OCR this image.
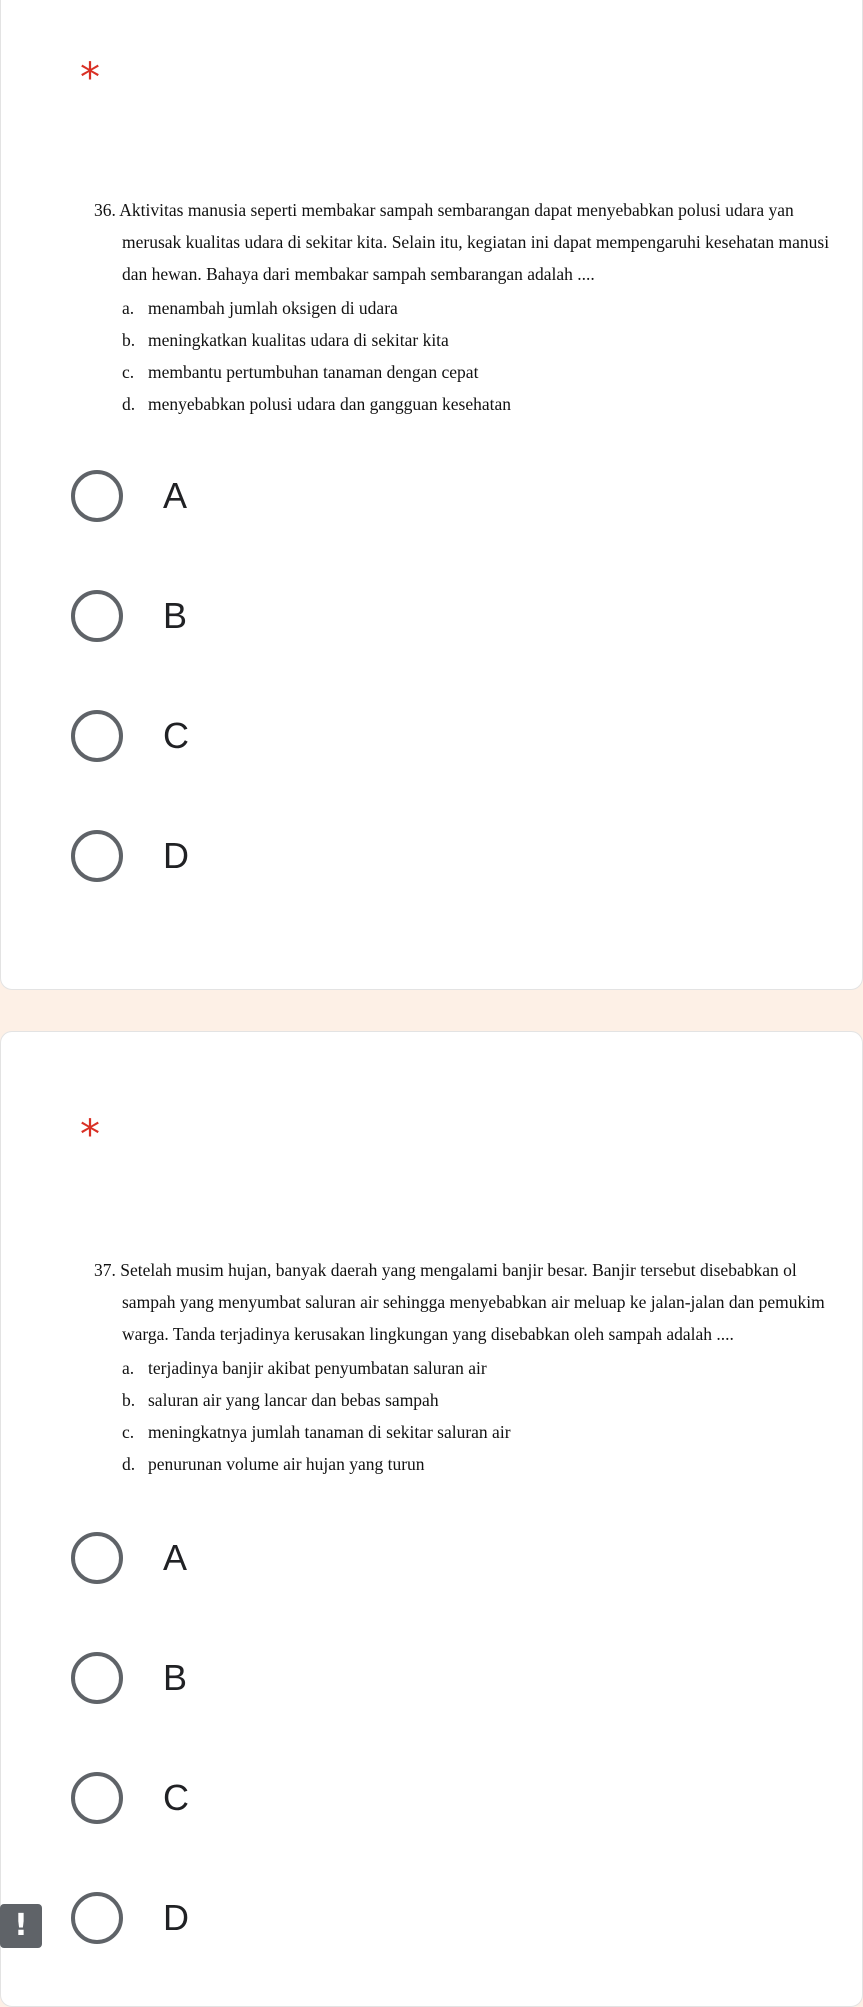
*
36. Aktivitas manusia seperti membakar sampah sembarangan dapat menyebabkan polusi udara yan
merusak kualitas udara di sekitar kita. Selain itu, kegiatan ini dapat mempengaruhi kesehatan manusi
dan hewan. Bahaya dari membakar sampah sembarangan adalah ....
a. menambah jumlah oksigen di udara
b. meningkatkan kualitas udara di sekitar kita
c. membantu pertumbuhan tanaman dengan cepat
d. menyebabkan polusi udara dan gangguan kesehatan
A
B
C
D
*
37. Setelah musim hujan, banyak daerah yang mengalami banjir besar. Banjir tersebut disebabkan ol
sampah yang menyumbat saluran air sehingga menyebabkan air meluap ke jalan-jalan dan pemukim
warga. Tanda terjadinya kerusakan lingkungan yang disebabkan oleh sampah adalah ....
a. terjadinya banjir akibat penyumbatan saluran air
b. saluran air yang lancar dan bebas sampah
c. meningkatnya jumlah tanaman di sekitar saluran air
d. penurunan volume air hujan yang turun
A
B
C
D
!
